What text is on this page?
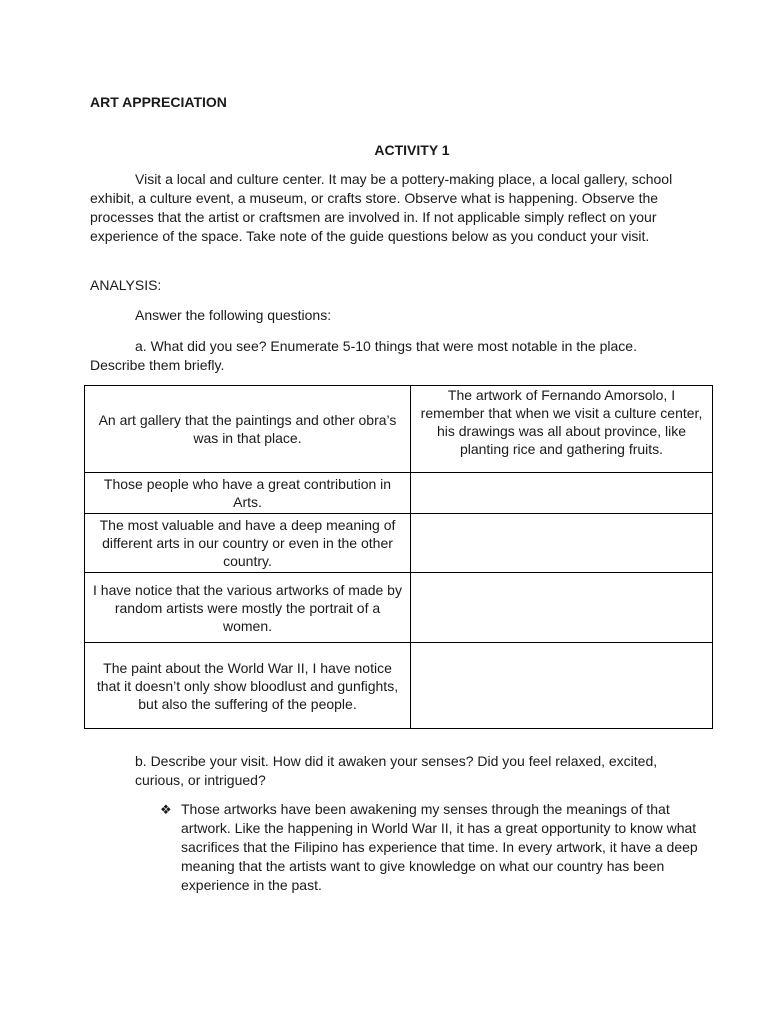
ART APPRECIATION
ACTIVITY 1

Visit a local and culture center. It may be a pottery-making place, a local gallery, school exhibit, a culture event, a museum, or crafts store. Observe what is happening. Observe the processes that the artist or craftsmen are involved in. If not applicable simply reflect on your experience of the space. Take note of the guide questions below as you conduct your visit.

ANALYSIS:

Answer the following questions:

a. What did you see? Enumerate 5-10 things that were most notable in the place. Describe them briefly.

An art gallery that the paintings and other obra’s was in that place.	The artwork of Fernando Amorsolo, I remember that when we visit a culture center, his drawings was all about province, like planting rice and gathering fruits.
Those people who have a great contribution in Arts.	
The most valuable and have a deep meaning of different arts in our country or even in the other country.	
I have notice that the various artworks of made by random artists were mostly the portrait of a women.	
The paint about the World War II, I have notice that it doesn’t only show bloodlust and gunfights, but also the suffering of the people.	

b. Describe your visit. How did it awaken your senses? Did you feel relaxed, excited, curious, or intrigued?

❖ Those artworks have been awakening my senses through the meanings of that artwork. Like the happening in World War II, it has a great opportunity to know what sacrifices that the Filipino has experience that time. In every artwork, it have a deep meaning that the artists want to give knowledge on what our country has been experience in the past.
